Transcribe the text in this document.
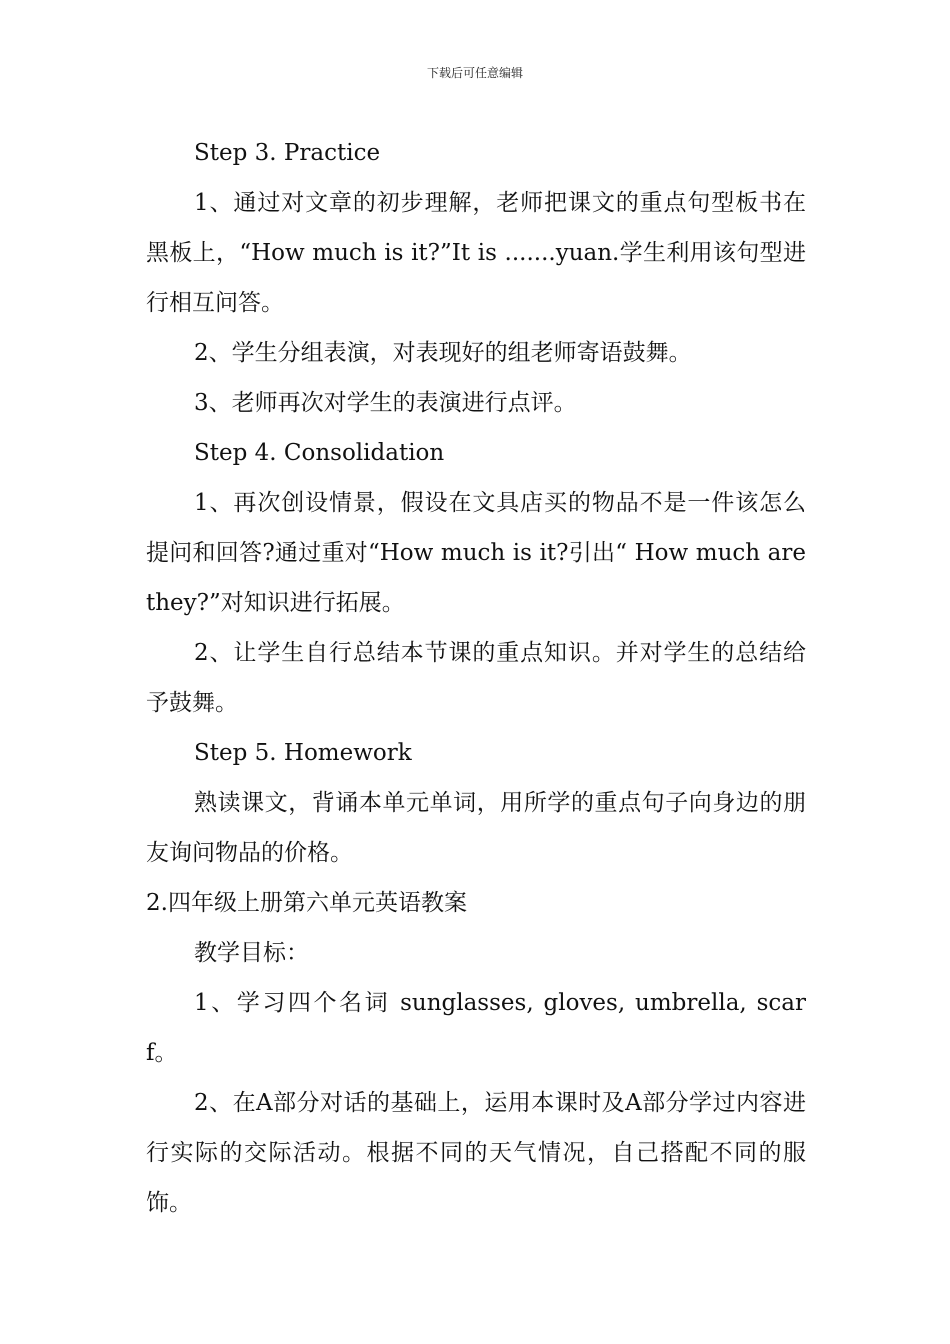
下载后可任意编辑

Step 3. Practice

1、通过对文章的初步理解，老师把课文的重点句型板书在黑板上，“How much is it?”It is .......yuan.学生利用该句型进行相互问答。

2、学生分组表演，对表现好的组老师寄语鼓舞。

3、老师再次对学生的表演进行点评。

Step 4. Consolidation

1、再次创设情景，假设在文具店买的物品不是一件该怎么提问和回答?通过重对“How much is it?引出“ How much are they?”对知识进行拓展。

2、让学生自行总结本节课的重点知识。并对学生的总结给予鼓舞。

Step 5. Homework

熟读课文，背诵本单元单词，用所学的重点句子向身边的朋友询问物品的价格。

2.四年级上册第六单元英语教案

教学目标：

1、学习四个名词 sunglasses, gloves, umbrella, scarf。

2、在A部分对话的基础上，运用本课时及A部分学过内容进行实际的交际活动。根据不同的天气情况，自己搭配不同的服饰。
